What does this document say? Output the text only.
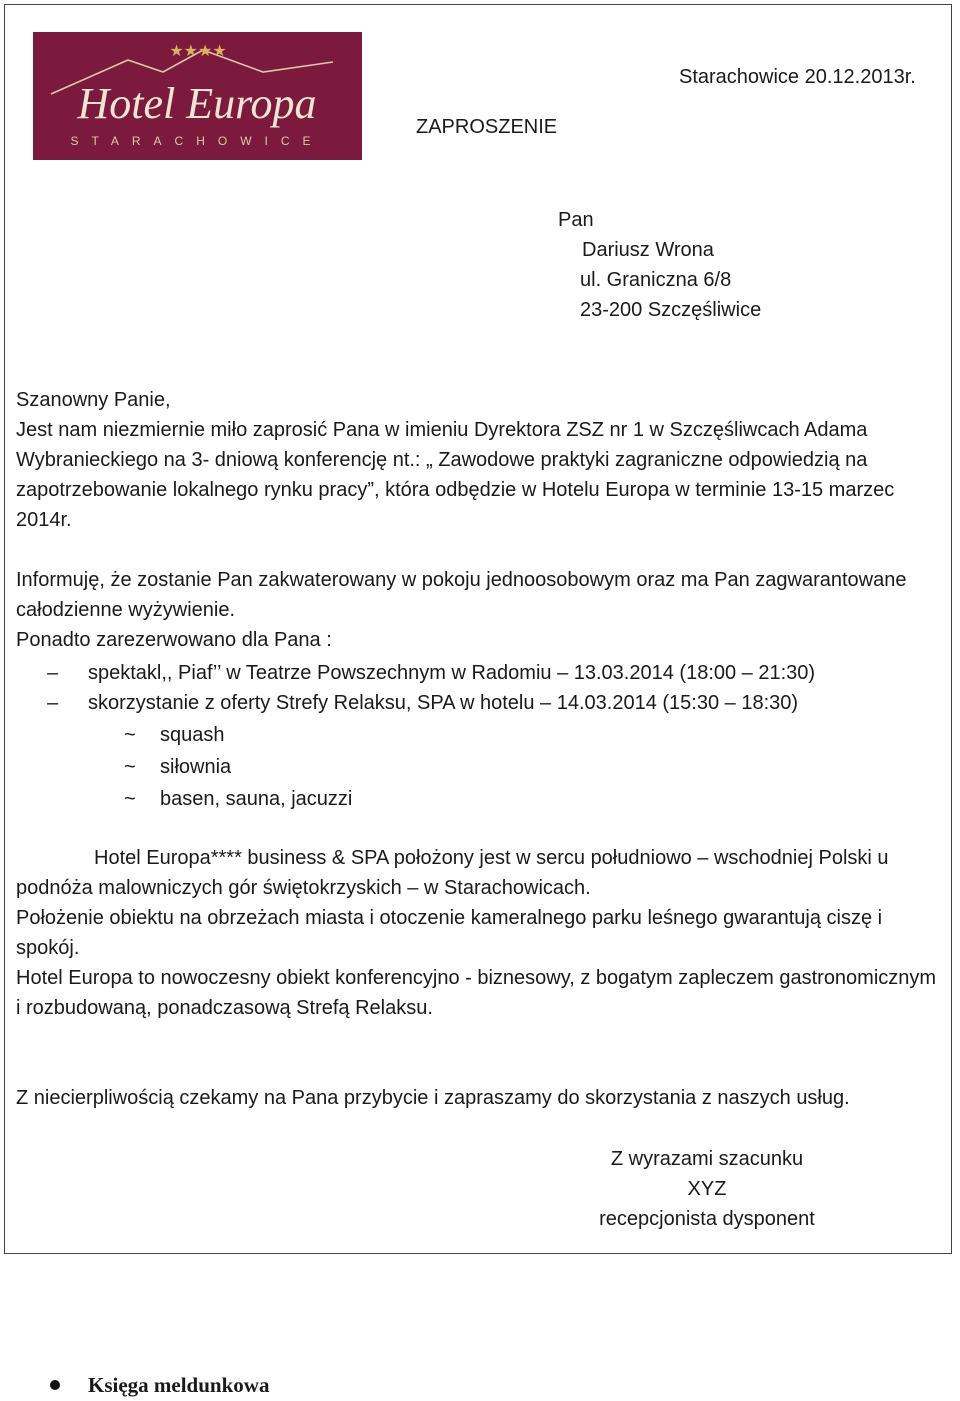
★★★★
Hotel Europa
STARACHOWICE
Starachowice 20.12.2013r.
ZAPROSZENIE
Pan
Dariusz Wrona
ul. Graniczna 6/8
23-200 Szczęśliwice
Szanowny Panie,
Jest nam niezmiernie miło zaprosić Pana w imieniu Dyrektora ZSZ nr 1 w Szczęśliwcach Adama Wybranieckiego na 3- dniową konferencję nt.: „ Zawodowe praktyki zagraniczne odpowiedzią na zapotrzebowanie lokalnego rynku pracy”, która odbędzie w Hotelu Europa w terminie 13-15 marzec 2014r.
Informuję, że zostanie Pan zakwaterowany w pokoju jednoosobowym oraz ma Pan zagwarantowane całodzienne wyżywienie.
Ponadto zarezerwowano dla Pana :
– spektakl,, Piaf’’ w Teatrze Powszechnym w Radomiu – 13.03.2014 (18:00 – 21:30)
– skorzystanie z oferty Strefy Relaksu, SPA w hotelu – 14.03.2014 (15:30 – 18:30)
~ squash
~ siłownia
~ basen, sauna, jacuzzi
Hotel Europa**** business & SPA położony jest w sercu południowo – wschodniej Polski u podnóża malowniczych gór świętokrzyskich – w Starachowicach.
Położenie obiektu na obrzeżach miasta i otoczenie kameralnego parku leśnego gwarantują ciszę i spokój.
Hotel Europa to nowoczesny obiekt konferencyjno - biznesowy, z bogatym zapleczem gastronomicznym i rozbudowaną, ponadczasową Strefą Relaksu.
Z niecierpliwością czekamy na Pana przybycie i zapraszamy do skorzystania z naszych usług.
Z wyrazami szacunku
XYZ
recepcjonista dysponent
Księga meldunkowa
